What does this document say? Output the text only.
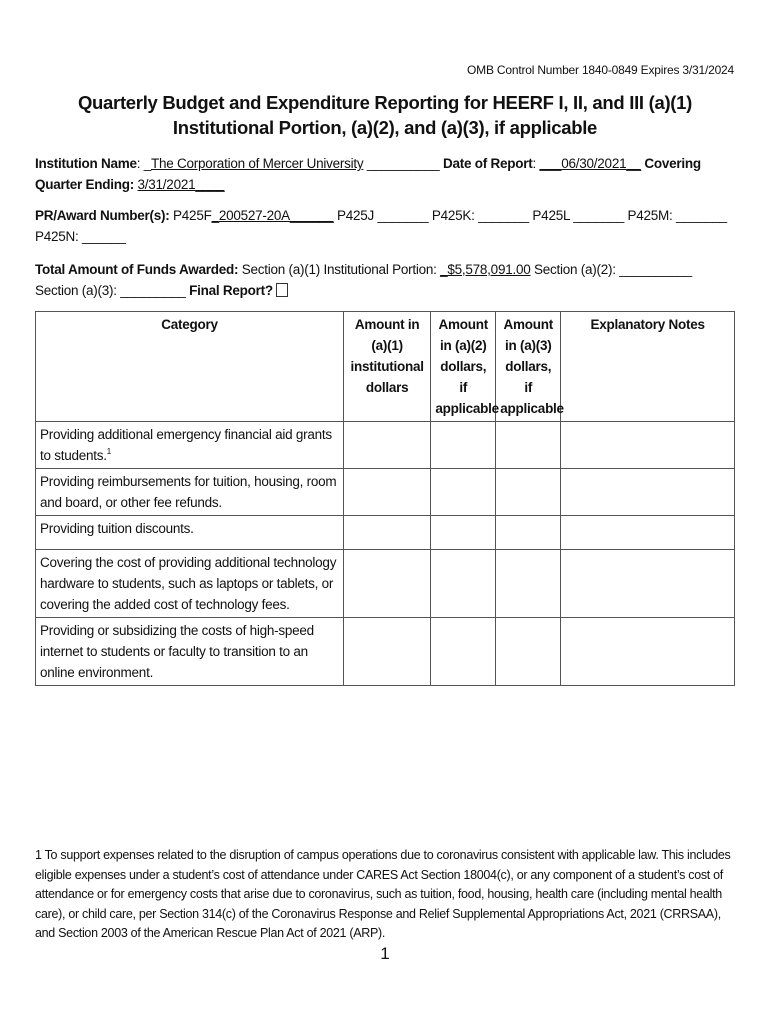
OMB Control Number 1840-0849 Expires 3/31/2024
Quarterly Budget and Expenditure Reporting for HEERF I, II, and III (a)(1) Institutional Portion, (a)(2), and (a)(3), if applicable
Institution Name: _The Corporation of Mercer University __________ Date of Report: ___06/30/2021__ Covering Quarter Ending: 3/31/2021____
PR/Award Number(s): P425F_200527-20A______ P425J _______ P425K: _______ P425L _______ P425M: _______ P425N: ______
Total Amount of Funds Awarded: Section (a)(1) Institutional Portion: _$5,578,091.00 Section (a)(2): __________ Section (a)(3): _________ Final Report?
Category	Amount in (a)(1) institutional dollars	Amount in (a)(2) dollars, if applicable	Amount in (a)(3) dollars, if applicable	Explanatory Notes
Providing additional emergency financial aid grants to students.$^1$				
Providing reimbursements for tuition, housing, room and board, or other fee refunds.				
Providing tuition discounts.				
Covering the cost of providing additional technology hardware to students, such as laptops or tablets, or covering the added cost of technology fees.				
Providing or subsidizing the costs of high-speed internet to students or faculty to transition to an online environment.				
1 To support expenses related to the disruption of campus operations due to coronavirus consistent with applicable law. This includes eligible expenses under a student’s cost of attendance under CARES Act Section 18004(c), or any component of a student’s cost of attendance or for emergency costs that arise due to coronavirus, such as tuition, food, housing, health care (including mental health care), or child care, per Section 314(c) of the Coronavirus Response and Relief Supplemental Appropriations Act, 2021 (CRRSAA), and Section 2003 of the American Rescue Plan Act of 2021 (ARP).
1
